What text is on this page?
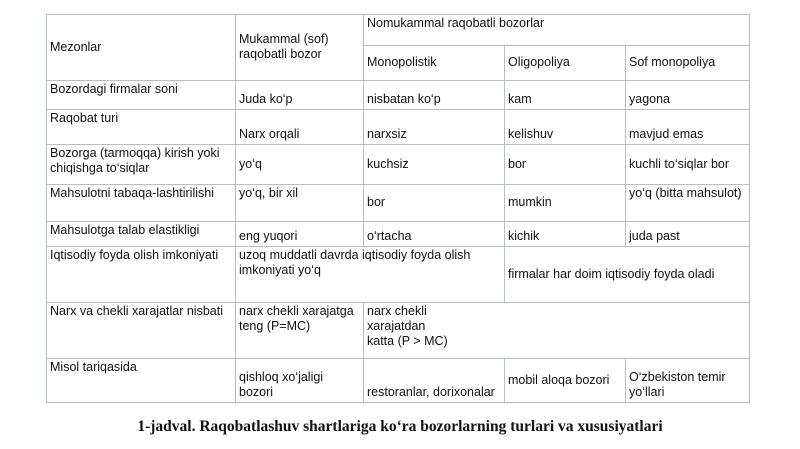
Mezonlar	Mukammal (sof) raqobatli bozor	Nomukammal raqobatli bozorlar		
		Monopolistik	Oligopoliya	Sof monopoliya
Bozordagi firmalar soni	Juda ko‘p	nisbatan ko‘p	kam	yagona
Raqobat turi	Narx orqali	narxsiz	kelishuv	mavjud emas
Bozorga (tarmoqqa) kirish yoki chiqishga to‘siqlar	yo‘q	kuchsiz	bor	kuchli to‘siqlar bor
Mahsulotni tabaqa-lashtirilishi	yo‘q, bir xil	bor	mumkin	yo‘q (bitta mahsulot)
Mahsulotga talab elastikligi	eng yuqori	o‘rtacha	kichik	juda past
Iqtisodiy foyda olish imkoniyati	uzoq muddatli davrda iqtisodiy foyda olish imkoniyati yo‘q		firmalar har doim iqtisodiy foyda oladi	
Narx va chekli xarajatlar nisbati	narx chekli xarajatga teng (P=MC)	narx chekli xarajatdan katta (P > MC)		
Misol tariqasida	qishloq xo‘jaligi bozori	restoranlar, dorixonalar	mobil aloqa bozori	O‘zbekiston temir yo‘llari
1-jadval. Raqobatlashuv shartlariga ko‘ra bozorlarning turlari va xususiyatlari
